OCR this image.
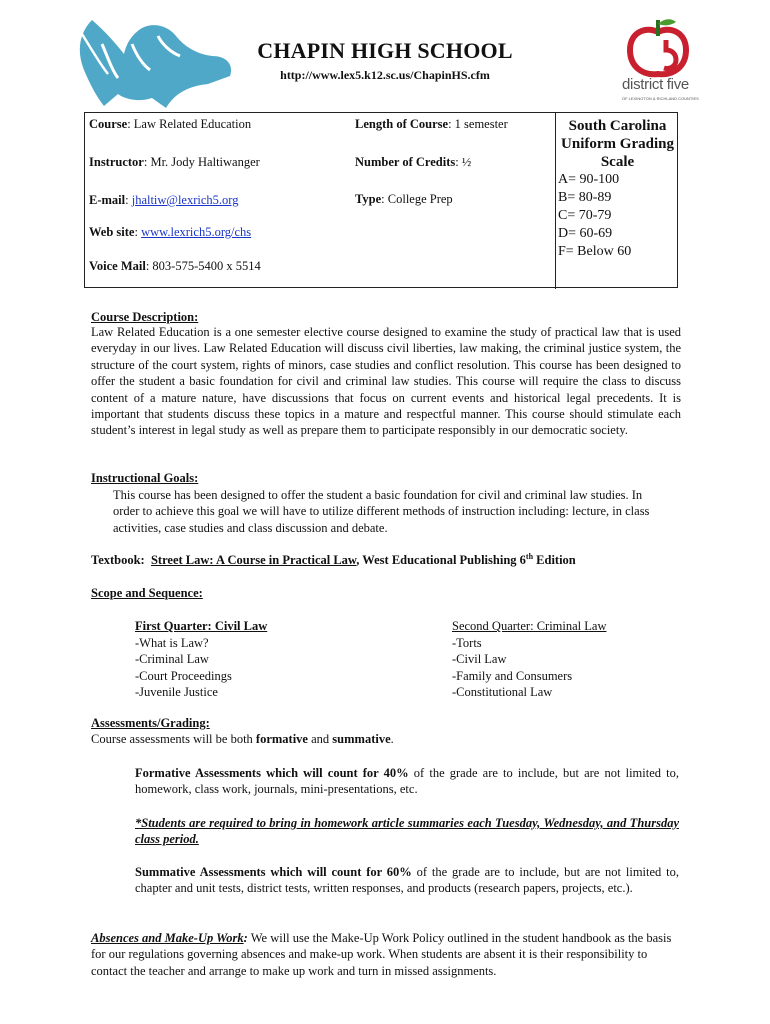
district five
OF LEXINGTON & RICHLAND COUNTIES
CHAPIN HIGH SCHOOL
http://www.lex5.k12.sc.us/ChapinHS.cfm
Course: Law Related Education
Instructor: Mr. Jody Haltiwanger
E-mail: jhaltiw@lexrich5.org
Web site: www.lexrich5.org/chs
Voice Mail: 803-575-5400 x 5514
Length of Course: 1 semester
Number of Credits: ½
Type: College Prep
South Carolina
Uniform Grading
Scale
A= 90-100
B= 80-89
C= 70-79
D= 60-69
F= Below 60
Course Description:
Law Related Education is a one semester elective course designed to examine the study of practical law that is used everyday in our lives. Law Related Education will discuss civil liberties, law making, the criminal justice system, the structure of the court system, rights of minors, case studies and conflict resolution. This course has been designed to offer the student a basic foundation for civil and criminal law studies. This course will require the class to discuss content of a mature nature, have discussions that focus on current events and historical legal precedents. It is important that students discuss these topics in a mature and respectful manner. This course should stimulate each student’s interest in legal study as well as prepare them to participate responsibly in our democratic society.
Instructional Goals:
This course has been designed to offer the student a basic foundation for civil and criminal law studies. In order to achieve this goal we will have to utilize different methods of instruction including: lecture, in class activities, case studies and class discussion and debate.
Textbook: Street Law: A Course in Practical Law, West Educational Publishing 6th Edition
Scope and Sequence:
First Quarter: Civil Law
-What is Law?
-Criminal Law
-Court Proceedings
-Juvenile Justice
Second Quarter: Criminal Law
-Torts
-Civil Law
-Family and Consumers
-Constitutional Law
Assessments/Grading:
Course assessments will be both formative and summative.
Formative Assessments which will count for 40% of the grade are to include, but are not limited to, homework, class work, journals, mini-presentations, etc.
*Students are required to bring in homework article summaries each Tuesday, Wednesday, and Thursday class period.
Summative Assessments which will count for 60% of the grade are to include, but are not limited to, chapter and unit tests, district tests, written responses, and products (research papers, projects, etc.).
Absences and Make-Up Work: We will use the Make-Up Work Policy outlined in the student handbook as the basis for our regulations governing absences and make-up work. When students are absent it is their responsibility to contact the teacher and arrange to make up work and turn in missed assignments.
